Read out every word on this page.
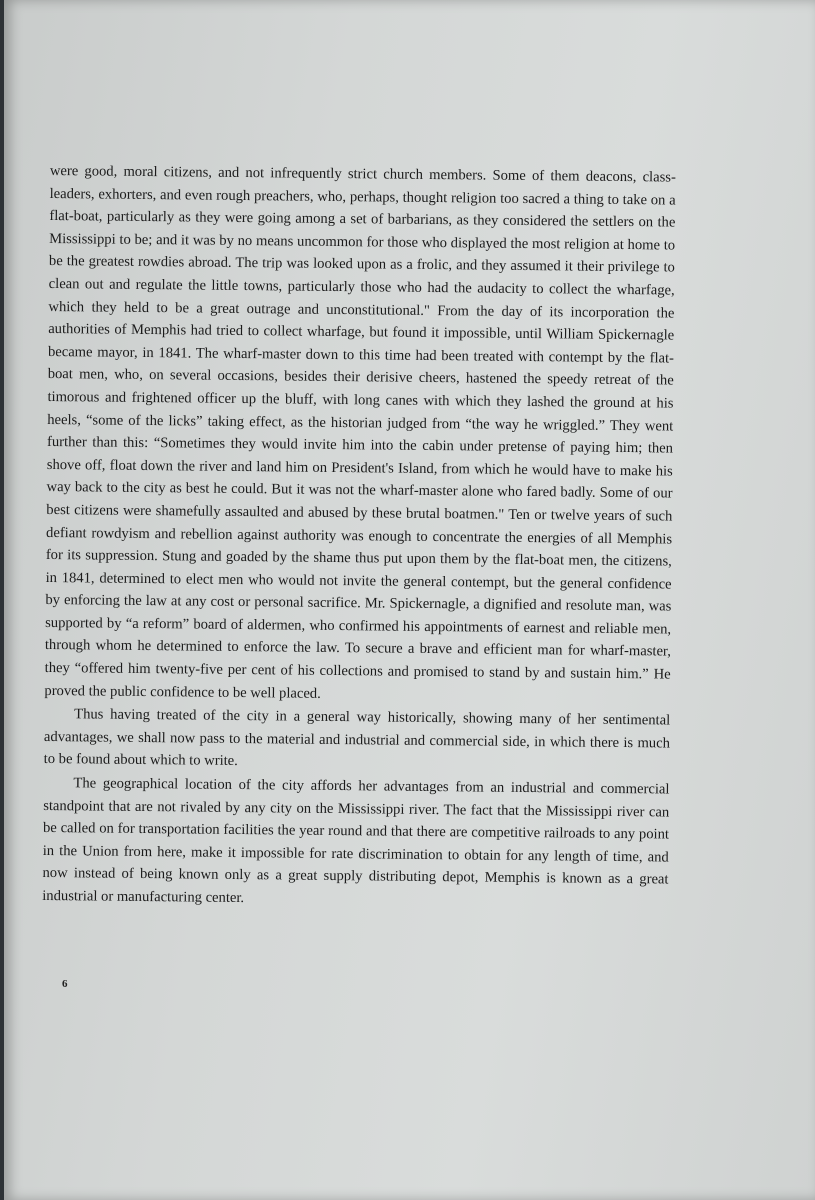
were good, moral citizens, and not infrequently strict church members. Some of them deacons, class-leaders, exhorters, and even rough preachers, who, perhaps, thought religion too sacred a thing to take on a flat-boat, particularly as they were going among a set of barbarians, as they considered the settlers on the Mississippi to be; and it was by no means uncommon for those who displayed the most religion at home to be the greatest rowdies abroad. The trip was looked upon as a frolic, and they assumed it their privilege to clean out and regulate the little towns, particularly those who had the audacity to collect the wharfage, which they held to be a great outrage and unconstitutional." From the day of its incorporation the authorities of Memphis had tried to collect wharfage, but found it impossible, until William Spickernagle became mayor, in 1841. The wharf-master down to this time had been treated with contempt by the flat-boat men, who, on several occasions, besides their derisive cheers, hastened the speedy retreat of the timorous and frightened officer up the bluff, with long canes with which they lashed the ground at his heels, “some of the licks” taking effect, as the historian judged from “the way he wriggled.” They went further than this: “Sometimes they would invite him into the cabin under pretense of paying him; then shove off, float down the river and land him on President's Island, from which he would have to make his way back to the city as best he could. But it was not the wharf-master alone who fared badly. Some of our best citizens were shamefully assaulted and abused by these brutal boatmen." Ten or twelve years of such defiant rowdyism and rebellion against authority was enough to concentrate the energies of all Memphis for its suppression. Stung and goaded by the shame thus put upon them by the flat-boat men, the citizens, in 1841, determined to elect men who would not invite the general contempt, but the general confidence by enforcing the law at any cost or personal sacrifice. Mr. Spickernagle, a dignified and resolute man, was supported by “a reform” board of aldermen, who confirmed his appointments of earnest and reliable men, through whom he determined to enforce the law. To secure a brave and efficient man for wharf-master, they “offered him twenty-five per cent of his collections and promised to stand by and sustain him.” He proved the public confidence to be well placed.

Thus having treated of the city in a general way historically, showing many of her sentimental advantages, we shall now pass to the material and industrial and commercial side, in which there is much to be found about which to write.

The geographical location of the city affords her advantages from an industrial and commercial standpoint that are not rivaled by any city on the Mississippi river. The fact that the Mississippi river can be called on for transportation facilities the year round and that there are competitive railroads to any point in the Union from here, make it impossible for rate discrimination to obtain for any length of time, and now instead of being known only as a great supply distributing depot, Memphis is known as a great industrial or manufacturing center.

6
